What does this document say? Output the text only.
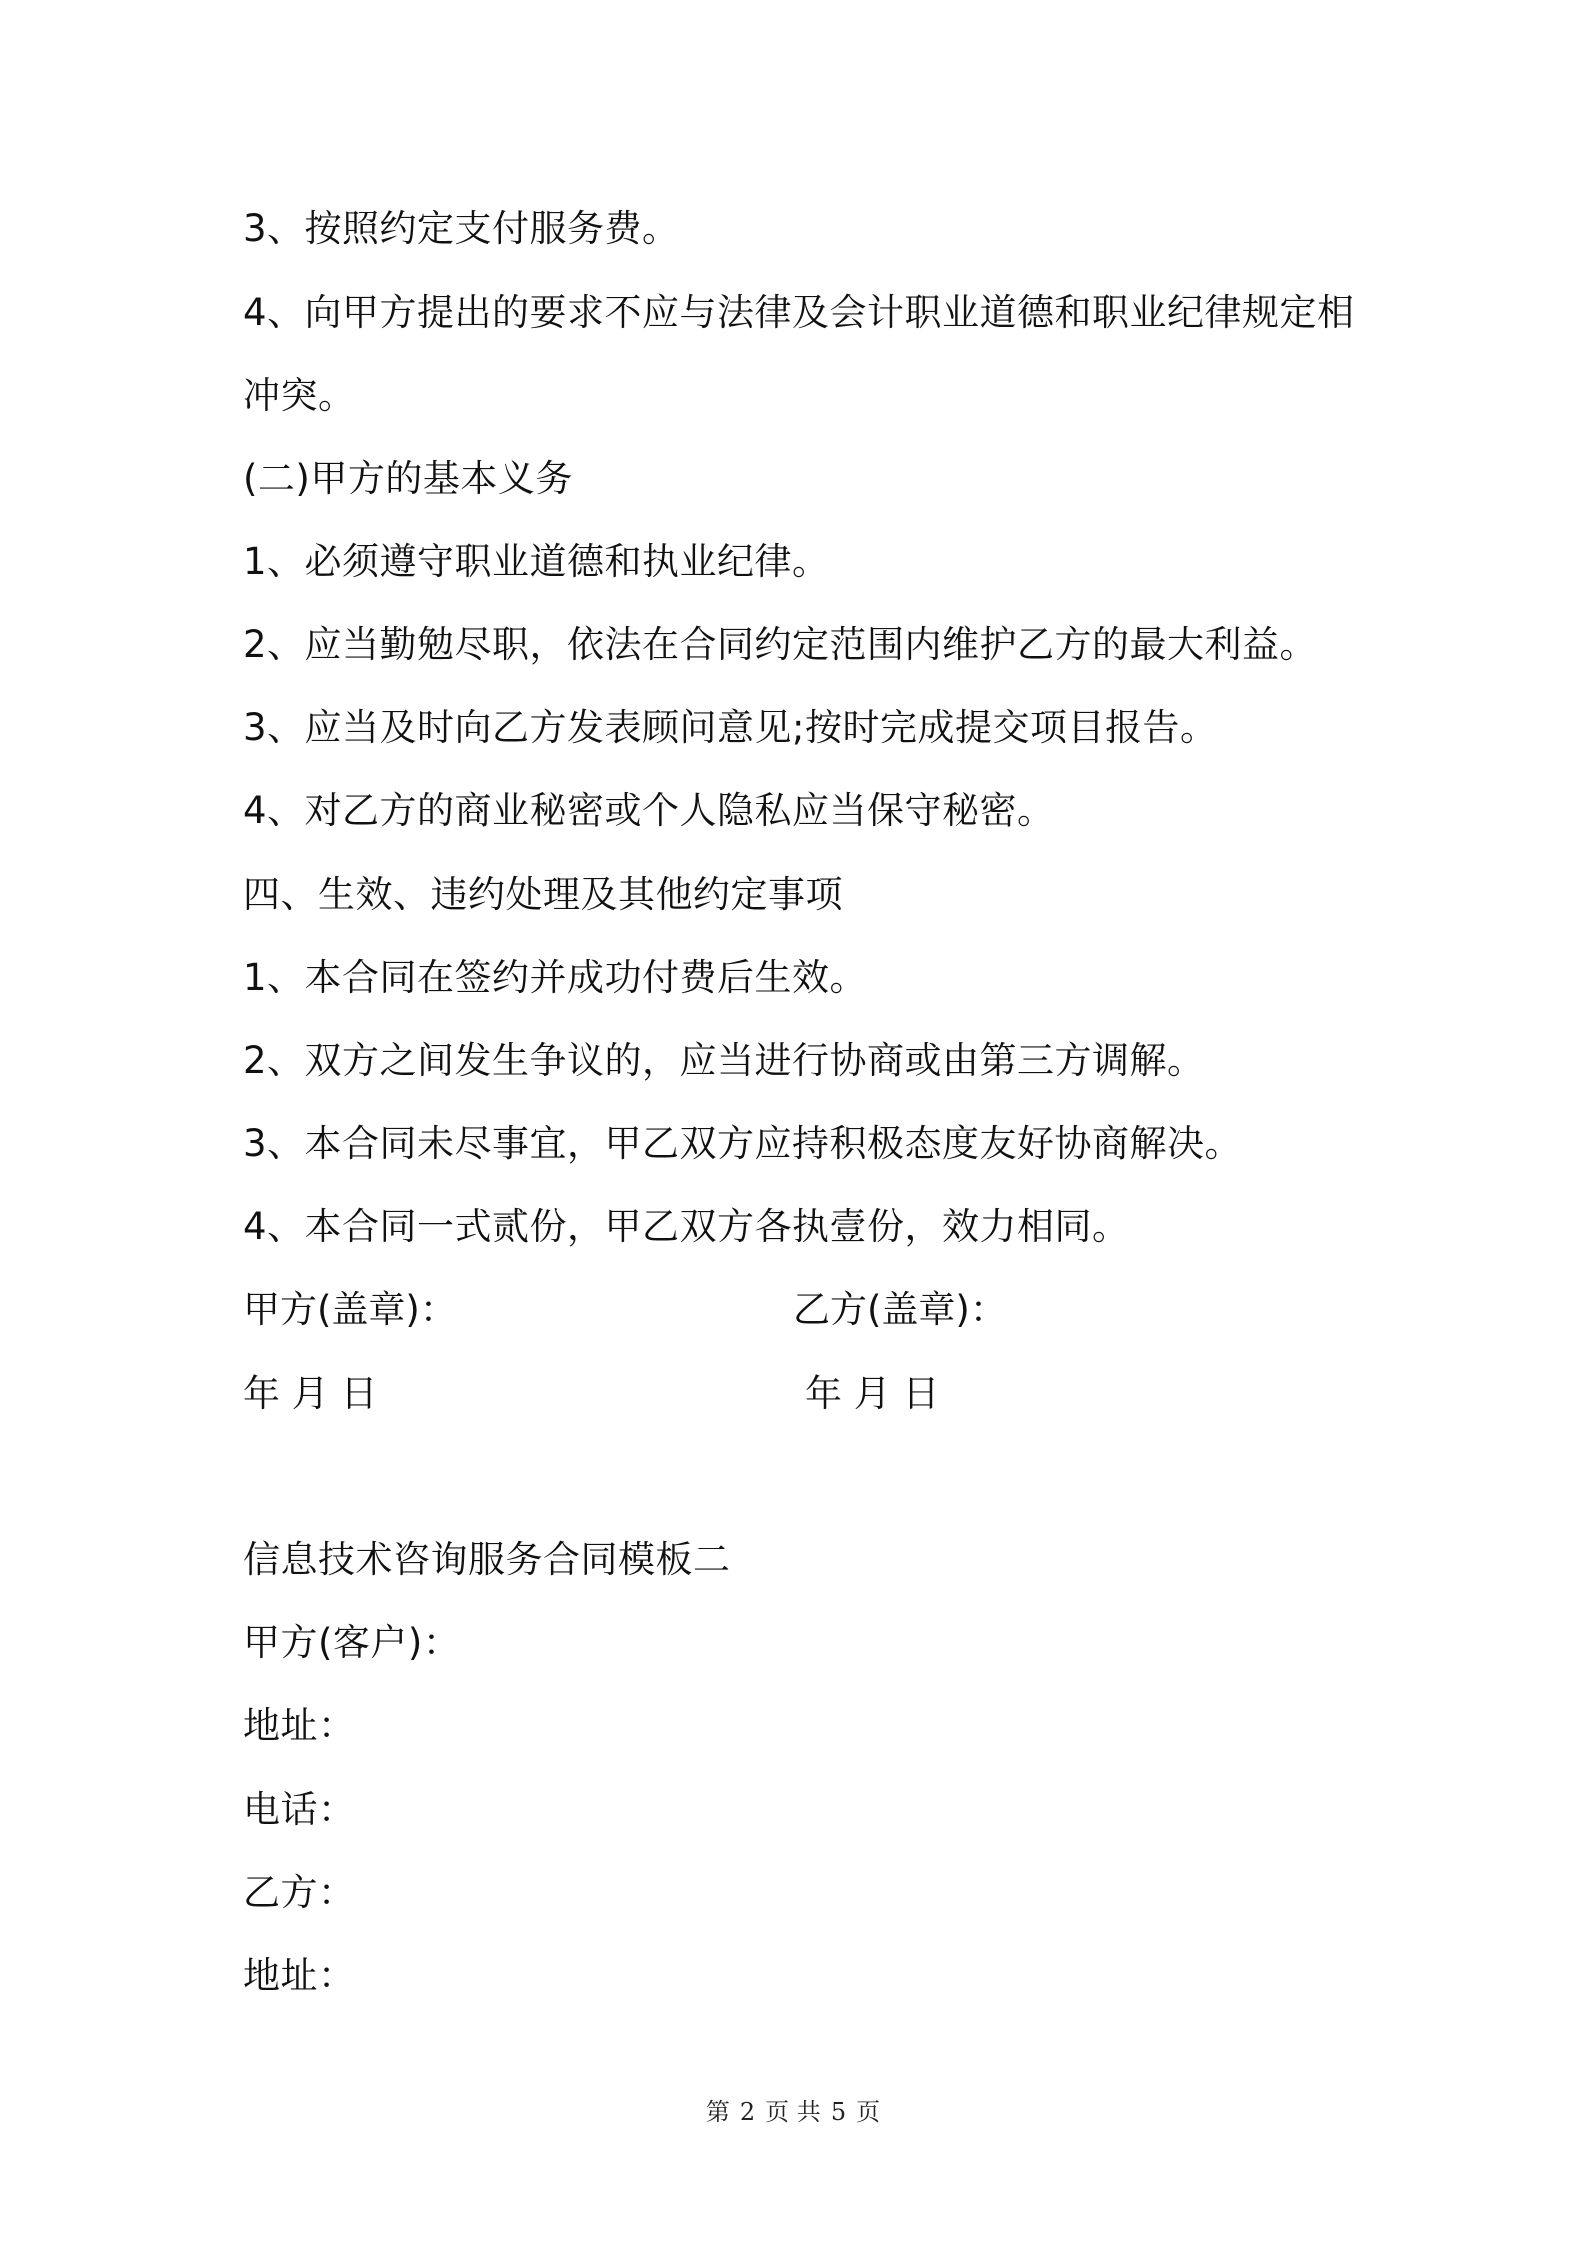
3、按照约定支付服务费。
4、向甲方提出的要求不应与法律及会计职业道德和职业纪律规定相
冲突。
(二)甲方的基本义务
1、必须遵守职业道德和执业纪律。
2、应当勤勉尽职，依法在合同约定范围内维护乙方的最大利益。
3、应当及时向乙方发表顾问意见;按时完成提交项目报告。
4、对乙方的商业秘密或个人隐私应当保守秘密。
四、生效、违约处理及其他约定事项
1、本合同在签约并成功付费后生效。
2、双方之间发生争议的，应当进行协商或由第三方调解。
3、本合同未尽事宜，甲乙双方应持积极态度友好协商解决。
4、本合同一式贰份，甲乙双方各执壹份，效力相同。
甲方(盖章)：	乙方(盖章)：
年 月 日	年 月 日
信息技术咨询服务合同模板二
甲方(客户)：
地址：
电话：
乙方：
地址：
第 2 页 共 5 页
